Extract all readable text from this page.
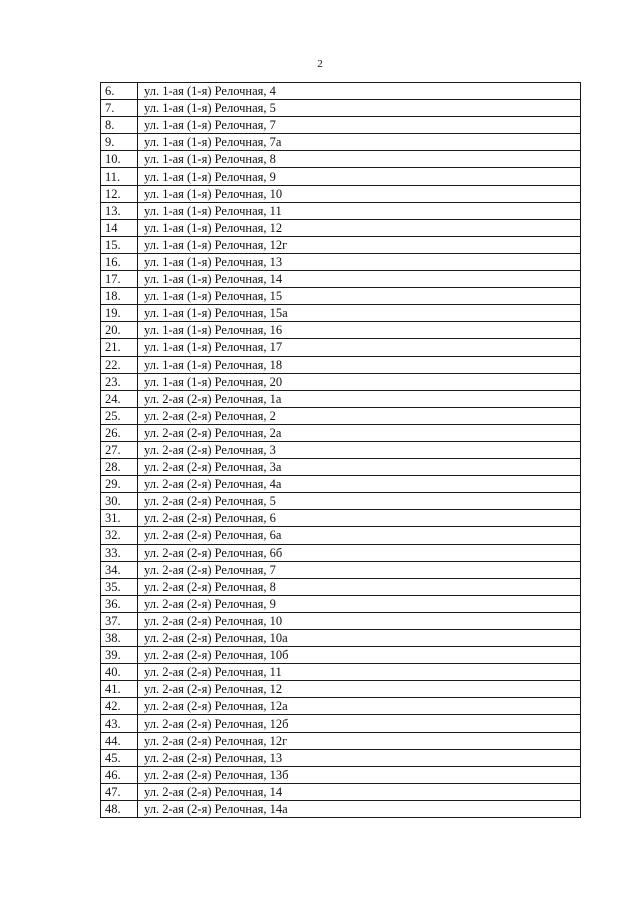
2
6.	ул. 1-ая (1-я) Релочная, 4
7.	ул. 1-ая (1-я) Релочная, 5
8.	ул. 1-ая (1-я) Релочная, 7
9.	ул. 1-ая (1-я) Релочная, 7а
10.	ул. 1-ая (1-я) Релочная, 8
11.	ул. 1-ая (1-я) Релочная, 9
12.	ул. 1-ая (1-я) Релочная, 10
13.	ул. 1-ая (1-я) Релочная, 11
14	ул. 1-ая (1-я) Релочная, 12
15.	ул. 1-ая (1-я) Релочная, 12г
16.	ул. 1-ая (1-я) Релочная, 13
17.	ул. 1-ая (1-я) Релочная, 14
18.	ул. 1-ая (1-я) Релочная, 15
19.	ул. 1-ая (1-я) Релочная, 15а
20.	ул. 1-ая (1-я) Релочная, 16
21.	ул. 1-ая (1-я) Релочная, 17
22.	ул. 1-ая (1-я) Релочная, 18
23.	ул. 1-ая (1-я) Релочная, 20
24.	ул. 2-ая (2-я) Релочная, 1а
25.	ул. 2-ая (2-я) Релочная, 2
26.	ул. 2-ая (2-я) Релочная, 2а
27.	ул. 2-ая (2-я) Релочная, 3
28.	ул. 2-ая (2-я) Релочная, 3а
29.	ул. 2-ая (2-я) Релочная, 4а
30.	ул. 2-ая (2-я) Релочная, 5
31.	ул. 2-ая (2-я) Релочная, 6
32.	ул. 2-ая (2-я) Релочная, 6а
33.	ул. 2-ая (2-я) Релочная, 6б
34.	ул. 2-ая (2-я) Релочная, 7
35.	ул. 2-ая (2-я) Релочная, 8
36.	ул. 2-ая (2-я) Релочная, 9
37.	ул. 2-ая (2-я) Релочная, 10
38.	ул. 2-ая (2-я) Релочная, 10а
39.	ул. 2-ая (2-я) Релочная, 10б
40.	ул. 2-ая (2-я) Релочная, 11
41.	ул. 2-ая (2-я) Релочная, 12
42.	ул. 2-ая (2-я) Релочная, 12а
43.	ул. 2-ая (2-я) Релочная, 12б
44.	ул. 2-ая (2-я) Релочная, 12г
45.	ул. 2-ая (2-я) Релочная, 13
46.	ул. 2-ая (2-я) Релочная, 13б
47.	ул. 2-ая (2-я) Релочная, 14
48.	ул. 2-ая (2-я) Релочная, 14а
